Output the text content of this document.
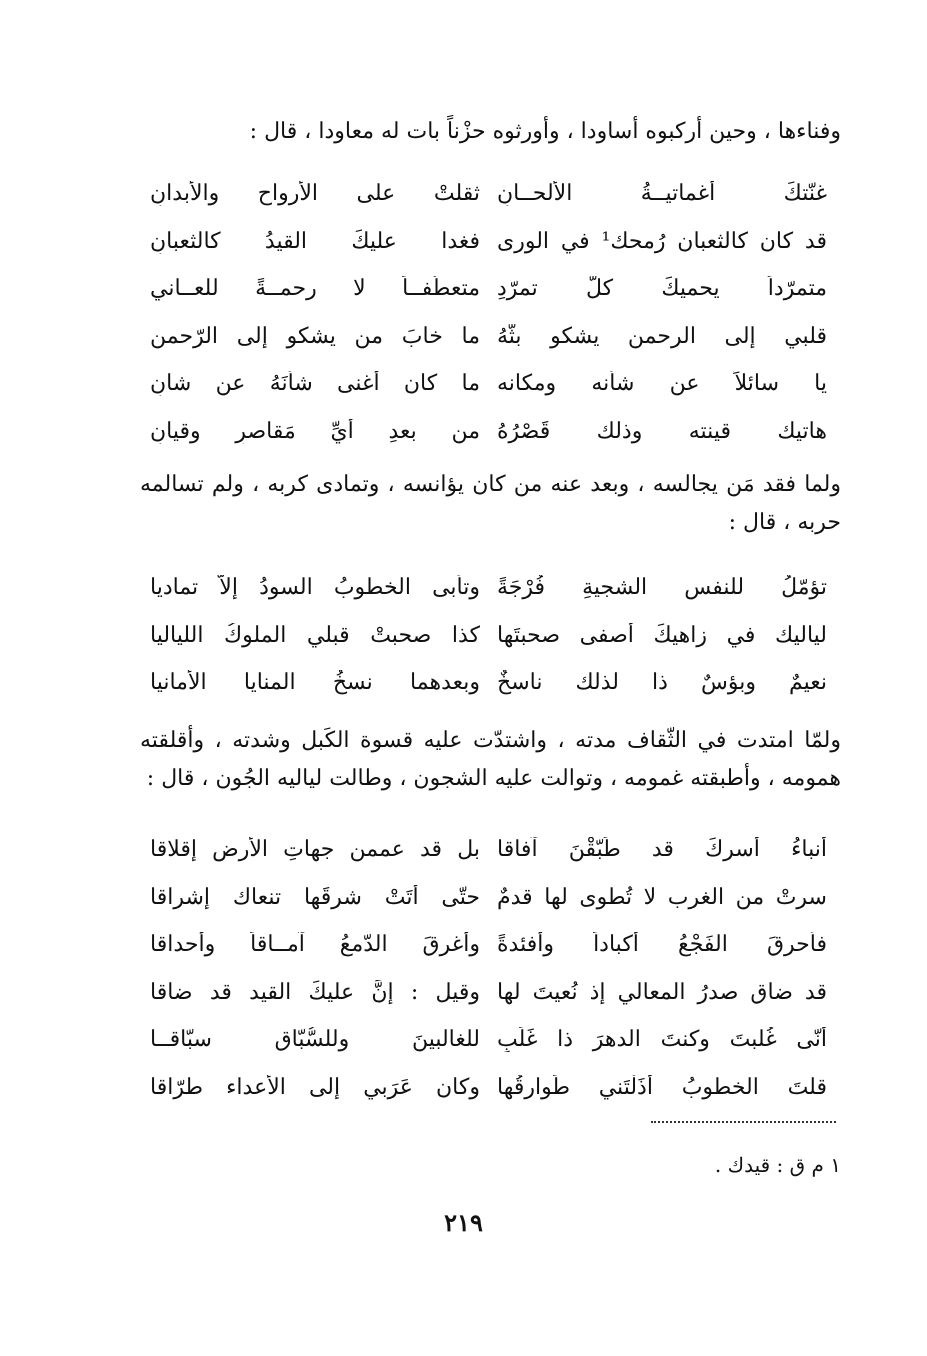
وفناءها ، وحين أركبوه أساودا ، وأورثوه حزْناً بات له معاودا ، قال :
غنّتكَ أغماتيــةُ الألحــانِ
ثقلتْ على الأرواح والأبدانِ
قد كان كالثعبان رُمحك¹ في الورى
فغدا عليكَ القيدُ كالثعبانِ
متمرّداً يحميكَ كلَّ تمرّدِ
متعطّفــاً لا رحمــةً للعــاني
قلبي إلى الرحمن يشكو بثّهُ
ما خابَ من يشكو إلى الرّحمنِ
يا سائلاً عن شأنه ومكانه
ما كان أغنى شأنَهُ عن شانِ
هاتيك قينته وذلك قَصْرُهُ
من بعدِ أيِّ مَقاصرٍ وقيانِ
ولما فقد مَن يجالسه ، وبعد عنه من كان يؤانسه ، وتمادى كربه ، ولم تسالمه حربه ، قال :
تؤمّلُ للنفسِ الشجيةِ فُرْجَةً
وتأبى الخطوبُ السودُ إلاّ تماديا
لياليك في زاهيكَ أصفى صحبتَها
كذا صحبتْ قبلي الملوكُ اللياليا
نعيمٌ وبؤسٌ ذا لذلك ناسخٌ
وبعدهما نسخُ المنايا الأمانيا
ولمّا امتدت في الثّقاف مدته ، واشتدّت عليه قسوة الكَبل وشدته ، وأقلقته همومه ، وأطبقته غمومه ، وتوالت عليه الشجون ، وطالت لياليه الجُون ، قال :
أنباءُ أسركَ قد طَبّقْنَ آفاقا
بل قد عممن جهاتِ الأرضِ إقلاقا
سرتْ من الغرب لا تُطوى لها قدمٌ
حتّى أتَتْ شرقَها تنعاك إشراقا
فأحرقَ الفَجْعُ أكباداً وأفئدةً
وأغرقَ الدّمعُ آمــاقاً وأحداقا
قد ضاق صدرُ المعالي إذ نُعيتَ لها
وقيل : إنَّ عليكَ القيد قد ضاقا
أنّى غُلبتَ وكنتَ الدهرَ ذا غَلَبٍ
للغالبينَ وللسُّبّاقِ سبّاقــا
قلتَ الخطوبُ أذَلْتَني طَوارقُها
وكان عَرَبي إلى الأعداء طرّاقا
١ م ق : قيدك .
٢١٩
